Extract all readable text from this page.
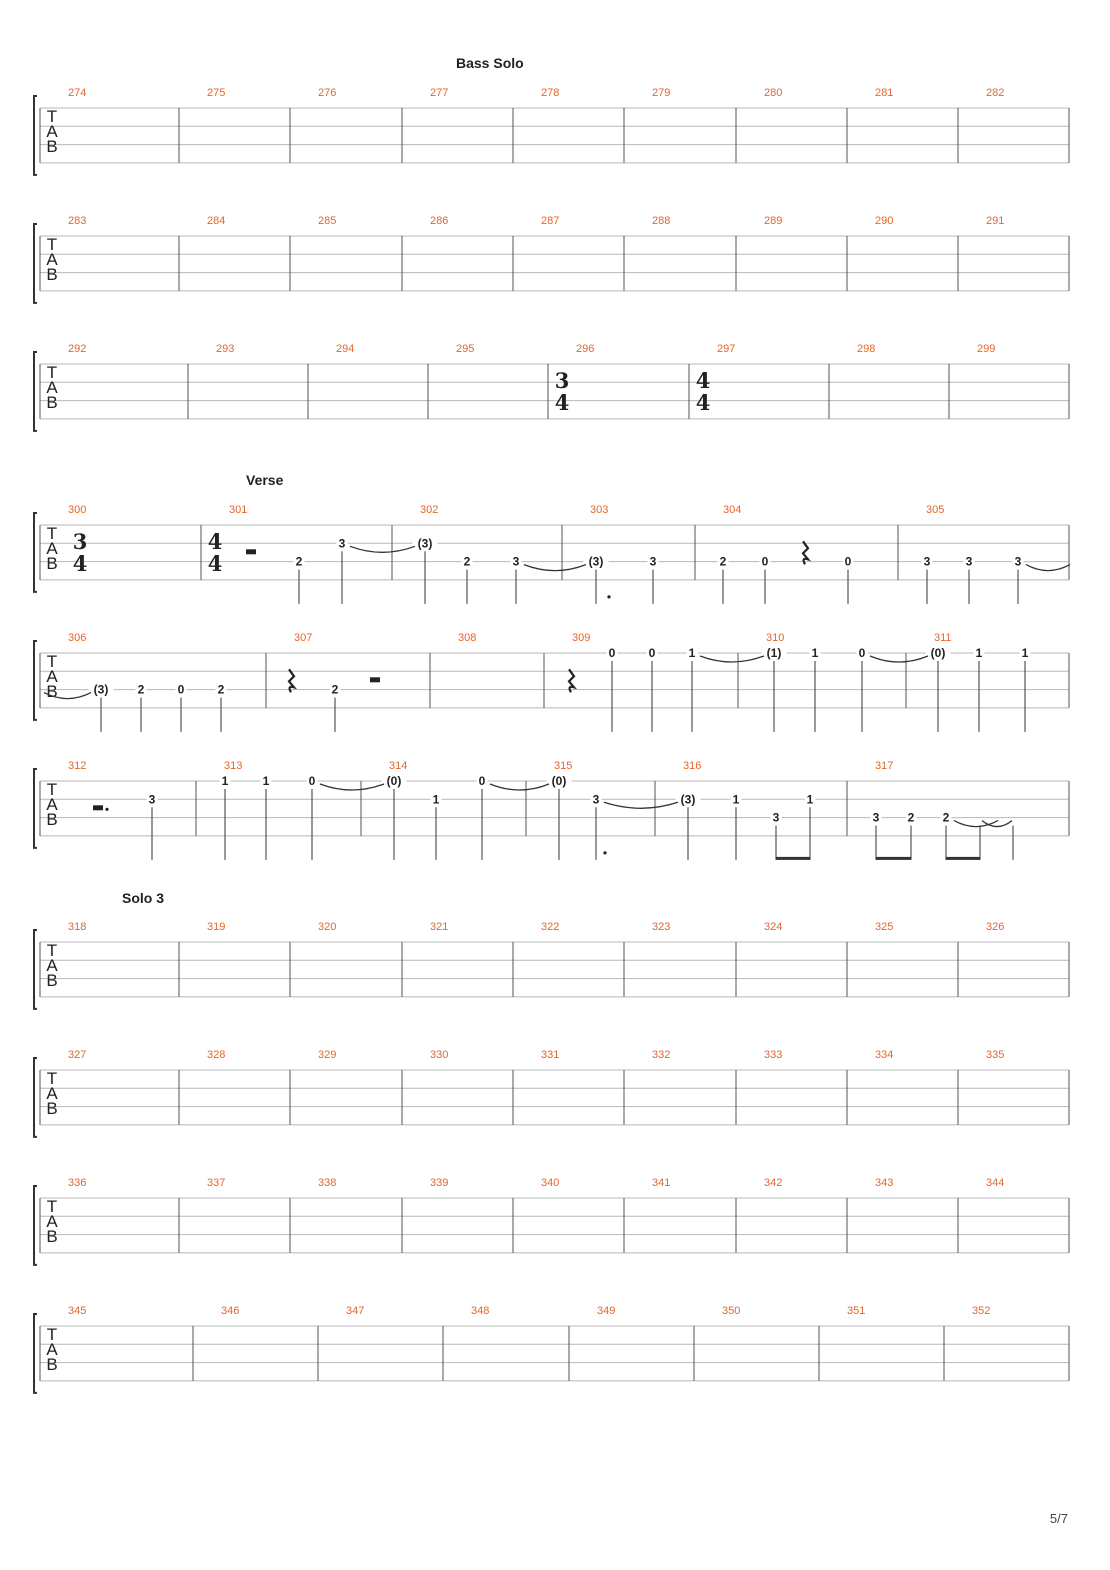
Bass Solo
Verse
Solo 3
T
A
B
274	275	276	277	278	279	280	281	282
T
A
B
283	284	285	286	287	288	289	290	291
T
A
B
292	293	294	295	296	297	298	299
3
4
4
4
T
A
B
300	301	302	303	304	305
3
4
4
4	2
3	(3)
2	3	(3)	3	2	0	0	3	3	3
T
A
B
306	307	308	309	310	311
(3) 2	0	2	2
0	0	1	(1)	1	0	(0)	1	1
T
A
B
312	313	314	315	316	317
3
1	1	0	(0)
1
0	(0)
3	(3)	1
3
1
3 2 2
T
A
B
318	319	320	321	322	323	324	325	326
T
A
B
327	328	329	330	331	332	333	334	335
T
A
B
336	337	338	339	340	341	342	343	344
T
A
B
345	346	347	348	349	350	351	352
5/7
